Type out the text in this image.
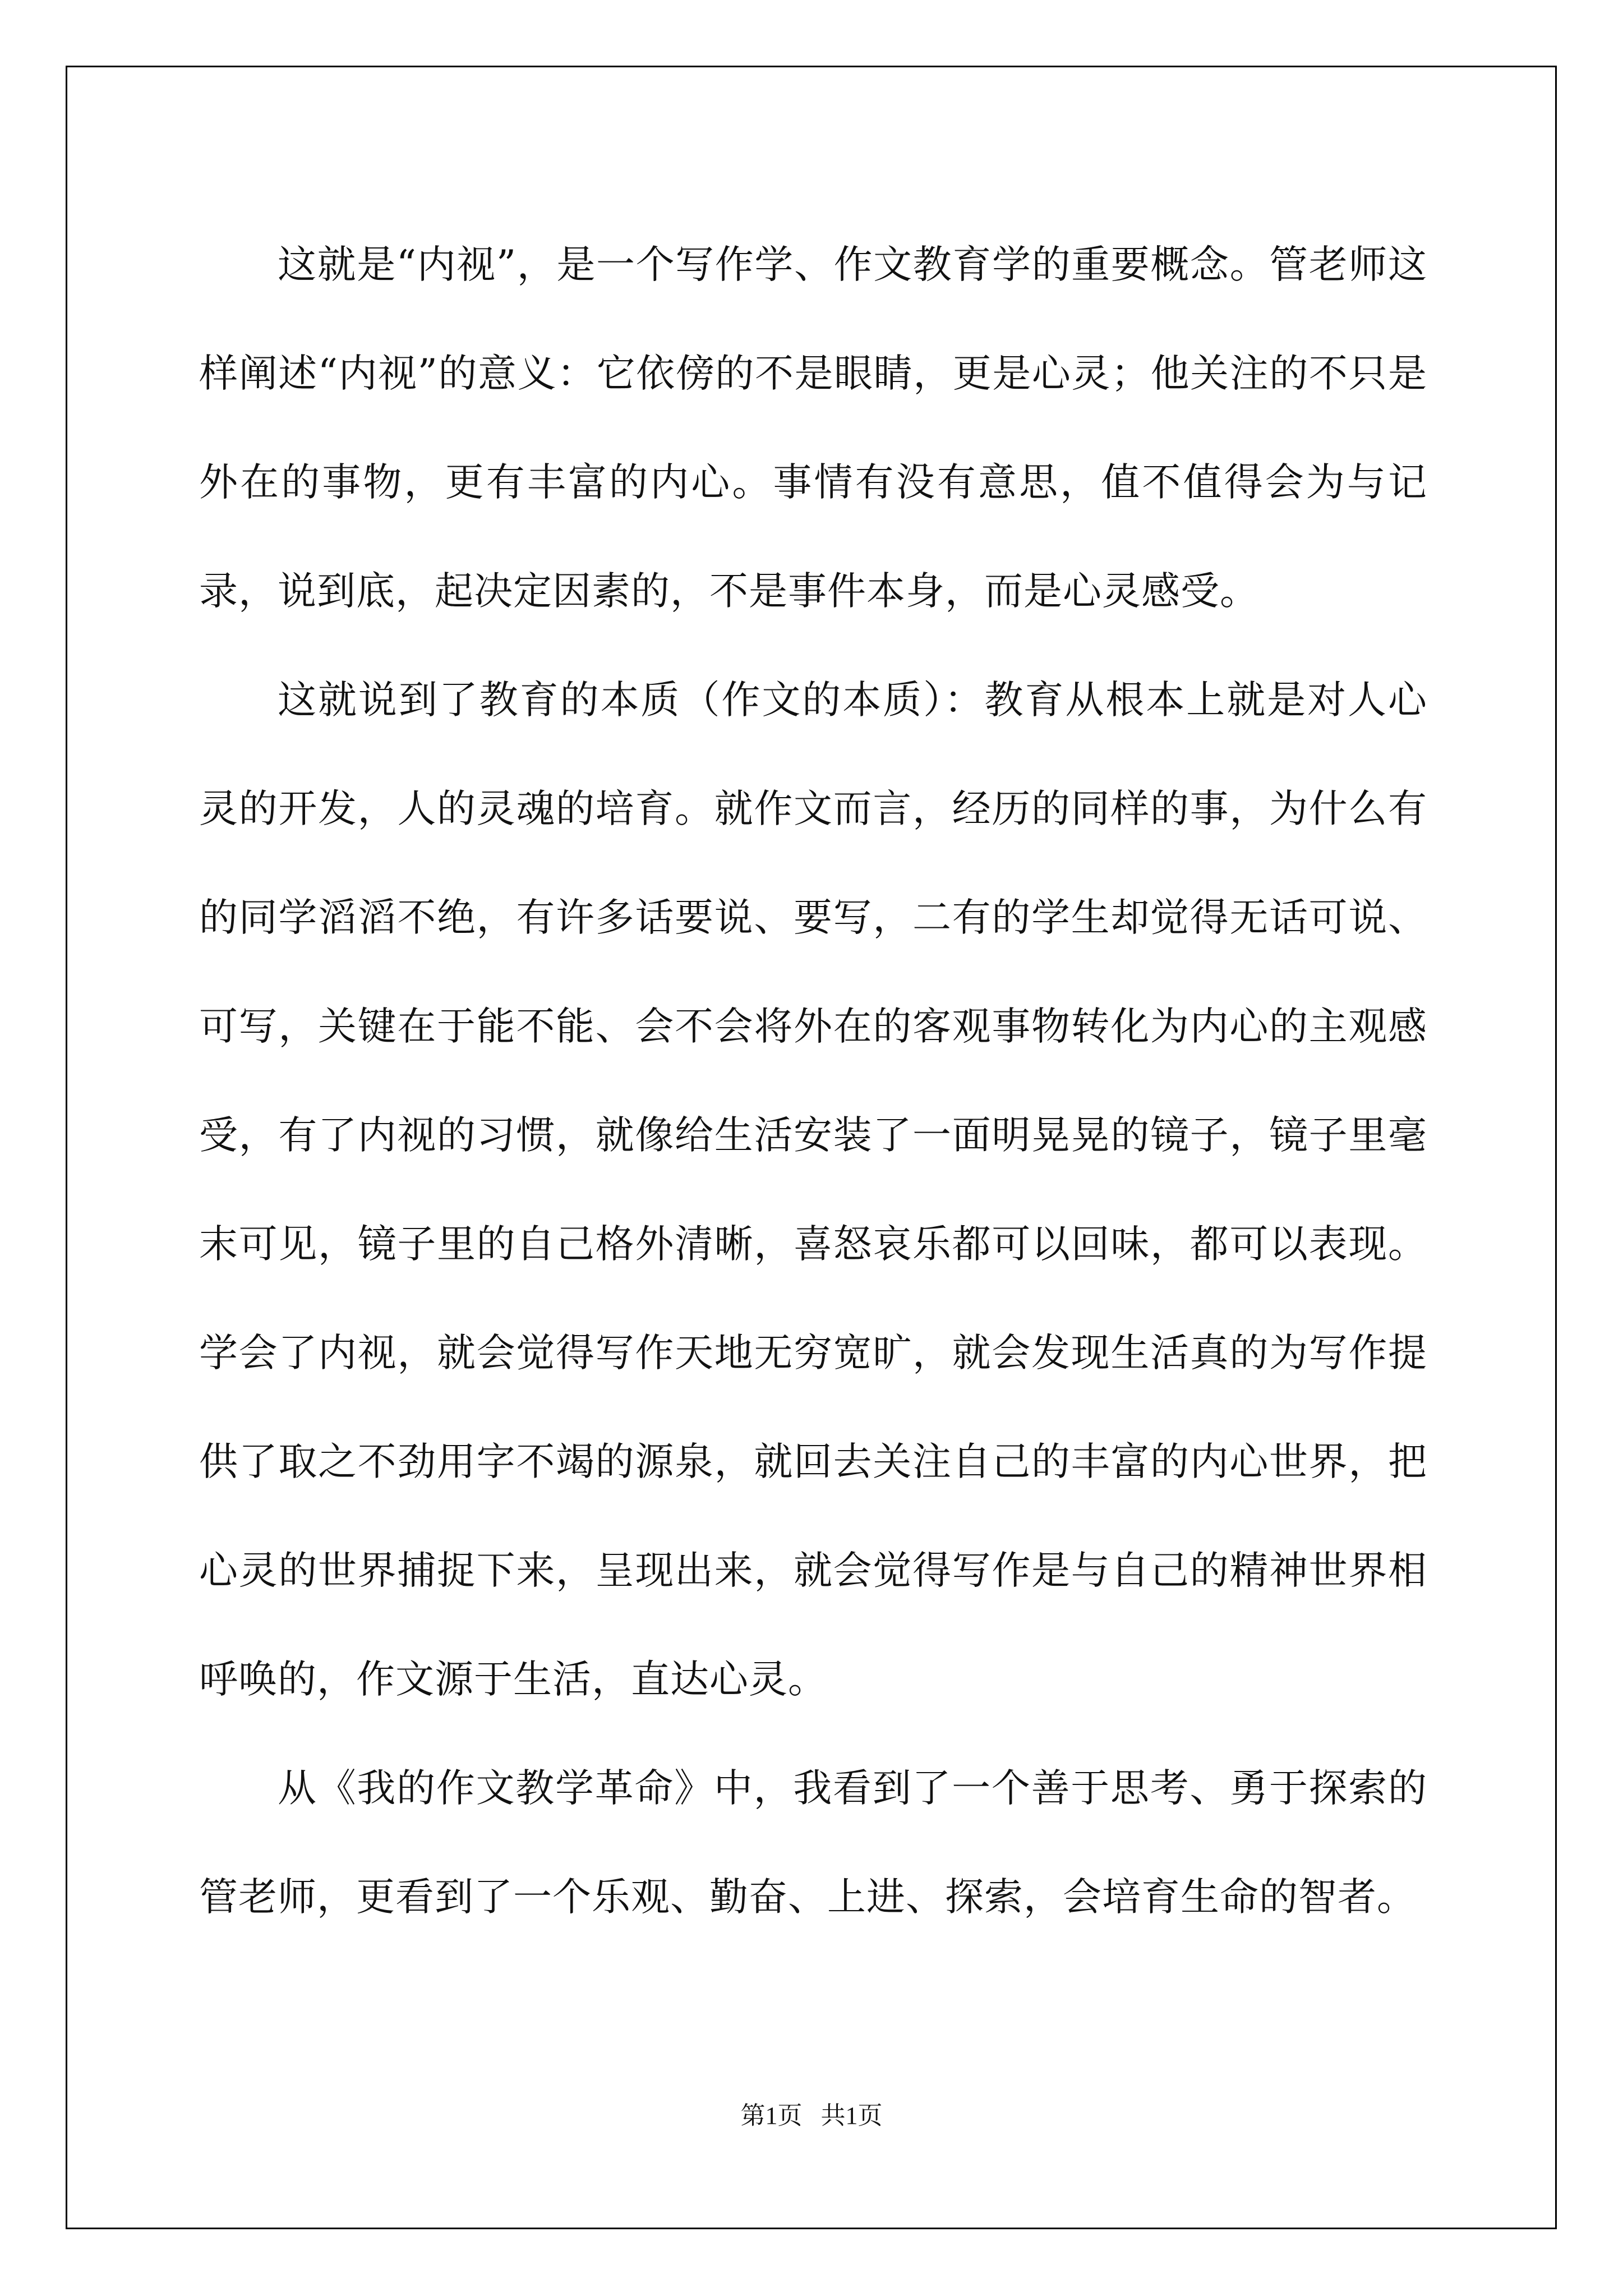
这就是“内视”，是一个写作学、作文教育学的重要概念。管老师这样阐述“内视”的意义：它依傍的不是眼睛，更是心灵；他关注的不只是外在的事物，更有丰富的内心。事情有没有意思，值不值得会为与记录，说到底，起决定因素的，不是事件本身，而是心灵感受。

这就说到了教育的本质（作文的本质）：教育从根本上就是对人心灵的开发，人的灵魂的培育。就作文而言，经历的同样的事，为什么有的同学滔滔不绝，有许多话要说、要写，二有的学生却觉得无话可说、可写，关键在于能不能、会不会将外在的客观事物转化为内心的主观感受，有了内视的习惯，就像给生活安装了一面明晃晃的镜子，镜子里毫末可见，镜子里的自己格外清晰，喜怒哀乐都可以回味，都可以表现。学会了内视，就会觉得写作天地无穷宽旷，就会发现生活真的为写作提供了取之不劲用字不竭的源泉，就回去关注自己的丰富的内心世界，把心灵的世界捕捉下来，呈现出来，就会觉得写作是与自己的精神世界相呼唤的，作文源于生活，直达心灵。

从《我的作文教学革命》中，我看到了一个善于思考、勇于探索的管老师，更看到了一个乐观、勤奋、上进、探索，会培育生命的智者。

第1页 共1页
